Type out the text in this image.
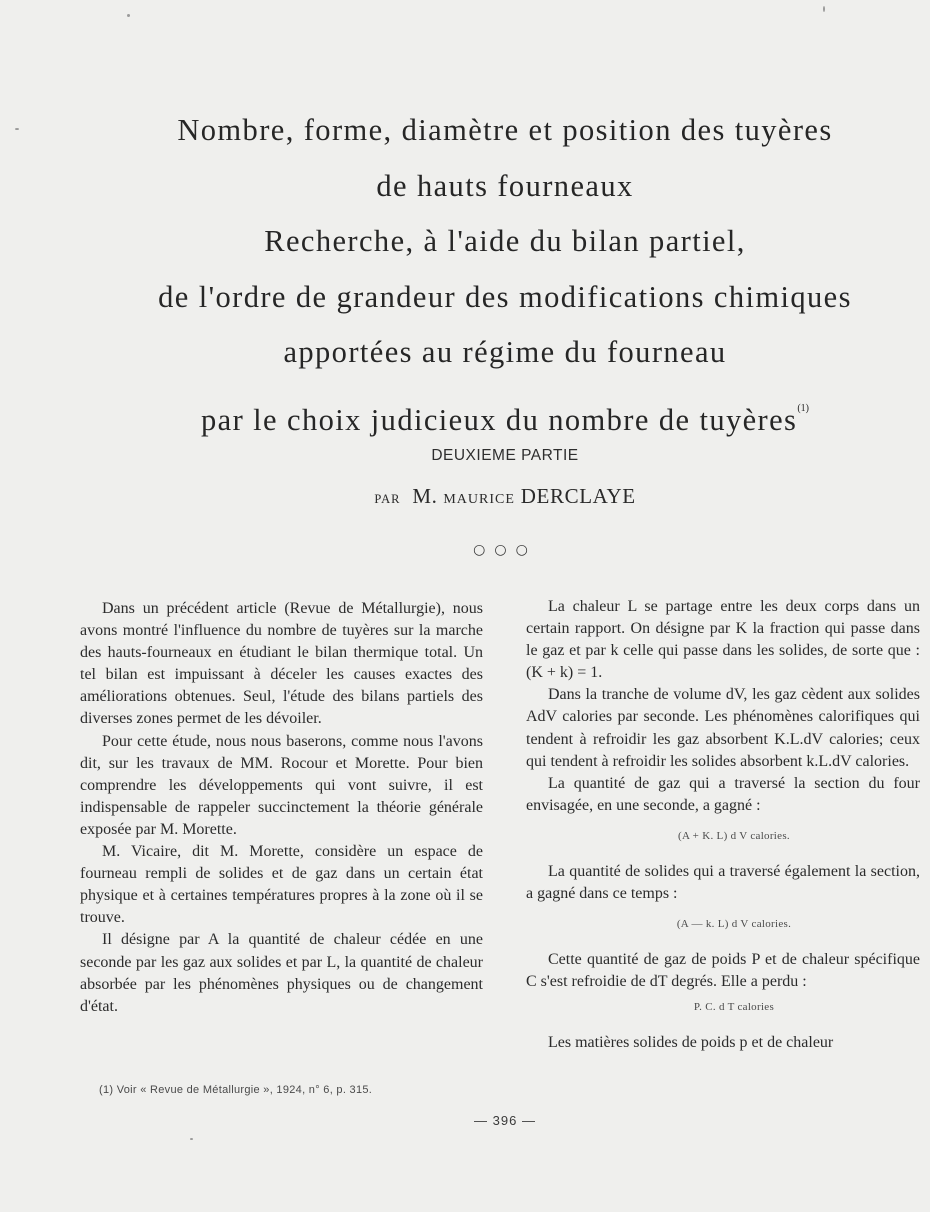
Nombre, forme, diamètre et position des tuyères
de hauts fourneaux
Recherche, à l'aide du bilan partiel,
de l'ordre de grandeur des modifications chimiques
apportées au régime du fourneau
par le choix judicieux du nombre de tuyères$^{(1)}$
DEUXIEME PARTIE
PAR M. MAURICE DERCLAYE
○○○

Dans un précédent article (Revue de Métallurgie), nous avons montré l'influence du nombre de tuyères sur la marche des hauts-fourneaux en étudiant le bilan thermique total. Un tel bilan est impuissant à déceler les causes exactes des améliorations obtenues. Seul, l'étude des bilans partiels des diverses zones permet de les dévoiler.

Pour cette étude, nous nous baserons, comme nous l'avons dit, sur les travaux de MM. Rocour et Morette. Pour bien comprendre les développements qui vont suivre, il est indispensable de rappeler succinctement la théorie générale exposée par M. Morette.

M. Vicaire, dit M. Morette, considère un espace de fourneau rempli de solides et de gaz dans un certain état physique et à certaines températures propres à la zone où il se trouve.

Il désigne par A la quantité de chaleur cédée en une seconde par les gaz aux solides et par L, la quantité de chaleur absorbée par les phénomènes physiques ou de changement d'état.

La chaleur L se partage entre les deux corps dans un certain rapport. On désigne par K la fraction qui passe dans le gaz et par k celle qui passe dans les solides, de sorte que : (K + k) = 1.

Dans la tranche de volume dV, les gaz cèdent aux solides AdV calories par seconde. Les phénomènes calorifiques qui tendent à refroidir les gaz absorbent K.L.dV calories; ceux qui tendent à refroidir les solides absorbent k.L.dV calories.

La quantité de gaz qui a traversé la section du four envisagée, en une seconde, a gagné :

(A + K. L) d V calories.

La quantité de solides qui a traversé également la section, a gagné dans ce temps :

(A — k. L) d V calories.

Cette quantité de gaz de poids P et de chaleur spécifique C s'est refroidie de dT degrés. Elle a perdu :

P. C. d T calories

Les matières solides de poids p et de chaleur

(1) Voir « Revue de Métallurgie », 1924, n° 6, p. 315.
— 396 —
